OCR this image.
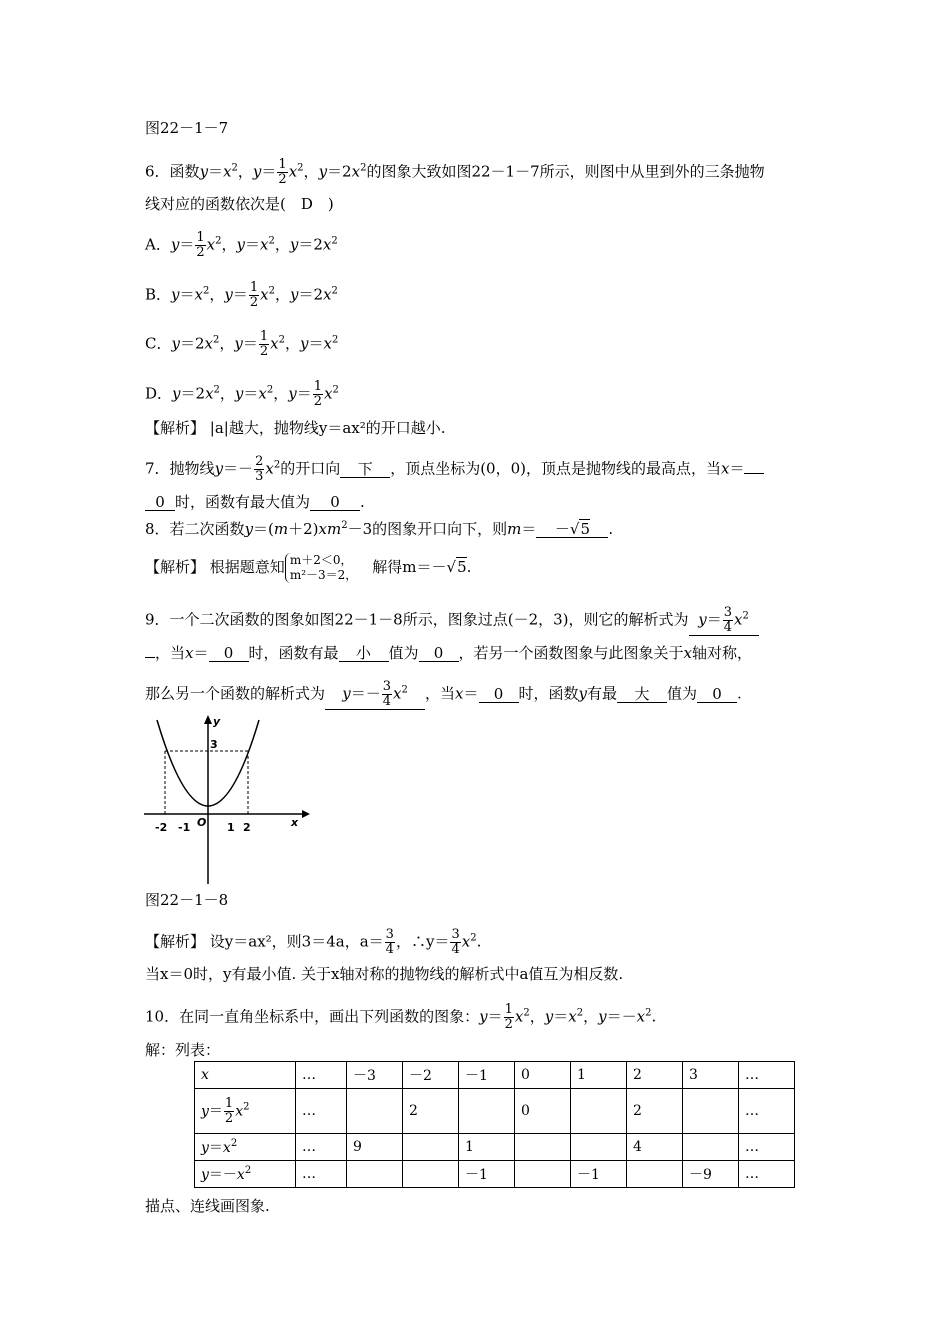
图22－1－7
6．函数$y=x^2$，$y= \frac{1}{2} x^2$，$y=2x^2$的图象大致如图22－1－7所示，则图中从里到外的三条抛物
线对应的函数依次是(　D　)
A．$y= \frac{1}{2} x^2$，$y=x^2$，$y=2x^2$
B．$y=x^2$，$y= \frac{1}{2} x^2$，$y=2x^2$
C．$y=2x^2$，$y= \frac{1}{2} x^2$，$y=x^2$
D．$y=2x^2$，$y=x^2$，$y= \frac{1}{2} x^2$
【解析】 |a|越大，抛物线y＝ax²的开口越小.
7．抛物线$y=- \frac{2}{3} x^2$的开口向 下 ，顶点坐标为(0，0)，顶点是抛物线的最高点，当x＝
0 时，函数有最大值为 0 .
8．若二次函数$y=(m+2)xm^2-3$的图象开口向下，则m＝ －√5 .
【解析】 根据题意知 m＋2＜0，
m²－3＝2，
　 解得m＝－√5.
9．一个二次函数的图象如图22－1－8所示，图象过点(－2，3)，则它的解析式为 $y= \frac{3}{4} x^2$
，当x＝ 0 时，函数有最 小 值为 0 ，若另一个函数图象与此图象关于x轴对称，
那么另一个函数的解析式为 $y=- \frac{3}{4} x^2$ ，当x＝ 0 时，函数y有最 大 值为 0 .
y
x
3
O
-2 -1	1 2
图22－1－8
【解析】 设y＝ax²，则3＝4a，$a= \frac{3}{4}$ ，∴y＝ $\frac{3}{4} x^2$.
当x＝0时，y有最小值. 关于x轴对称的抛物线的解析式中a值互为相反数.
10．在同一直角坐标系中，画出下列函数的图象：$y= \frac{1}{2} x^2$，$y=x^2$，$y=-x^2$.
解：列表：
x	…	－3	－2	－1	0	1	2	3	…
$y= \frac{1}{2} x^2$	…		2		0		2		…
$y=x^2$	…	9		1			4		…
$y=-x^2$	…			－1		－1		－9	…
描点、连线画图象.
